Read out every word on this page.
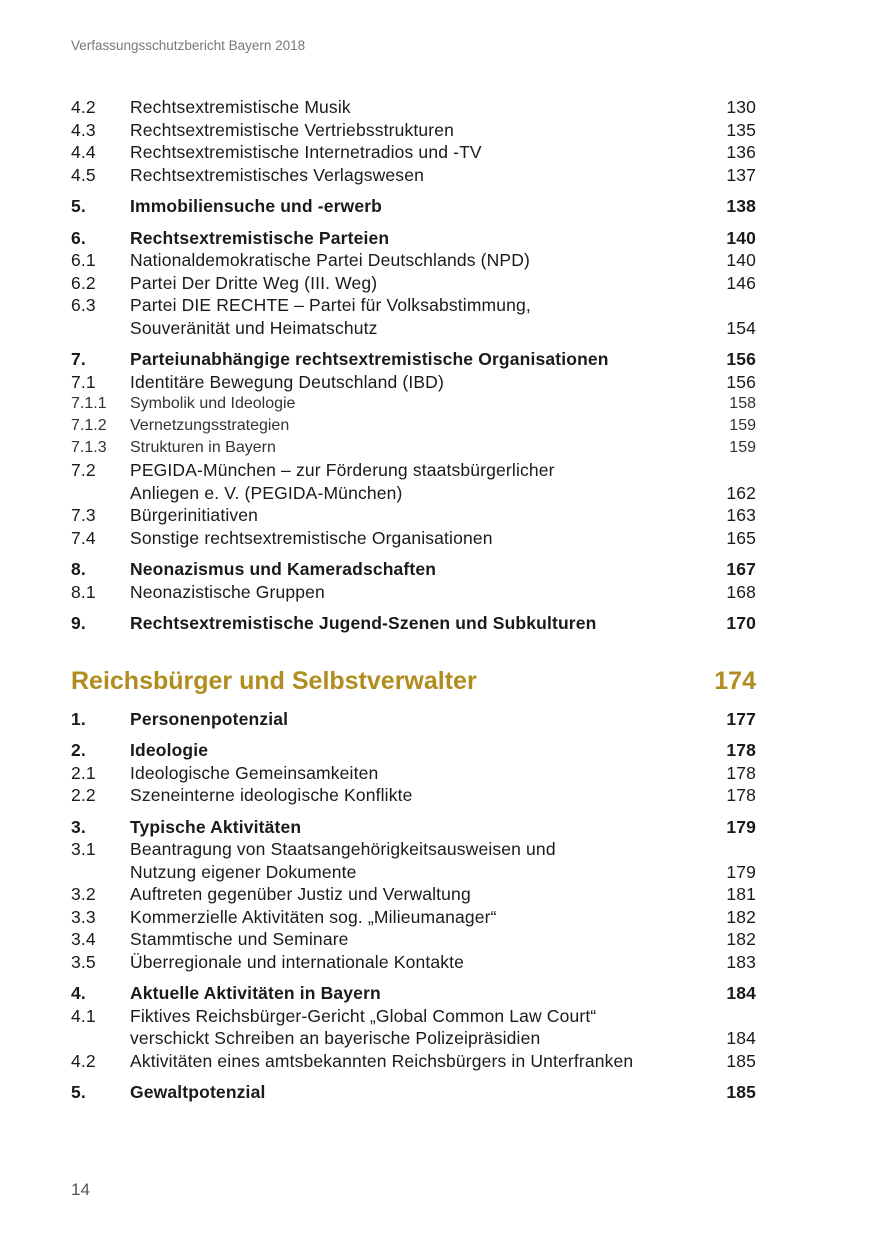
Verfassungsschutzbericht Bayern 2018
4.2	Rechtsextremistische Musik	130
4.3	Rechtsextremistische Vertriebsstrukturen	135
4.4	Rechtsextremistische Internetradios und -TV	136
4.5	Rechtsextremistisches Verlagswesen	137
5.	Immobiliensuche und -erwerb	138
6.	Rechtsextremistische Parteien	140
6.1	Nationaldemokratische Partei Deutschlands (NPD)	140
6.2	Partei Der Dritte Weg (III. Weg)	146
6.3	Partei DIE RECHTE – Partei für Volksabstimmung,
Souveränität und Heimatschutz	154
7.	Parteiunabhängige rechtsextremistische Organisationen	156
7.1	Identitäre Bewegung Deutschland (IBD)	156
7.1.1	Symbolik und Ideologie	158
7.1.2	Vernetzungsstrategien	159
7.1.3	Strukturen in Bayern	159
7.2	PEGIDA-München – zur Förderung staatsbürgerlicher
Anliegen e. V. (PEGIDA-München)	162
7.3	Bürgerinitiativen	163
7.4	Sonstige rechtsextremistische Organisationen	165
8.	Neonazismus und Kameradschaften	167
8.1	Neonazistische Gruppen	168
9.	Rechtsextremistische Jugend-Szenen und Subkulturen	170
Reichsbürger und Selbstverwalter	174
1.	Personenpotenzial	177
2.	Ideologie	178
2.1	Ideologische Gemeinsamkeiten	178
2.2	Szeneinterne ideologische Konflikte	178
3.	Typische Aktivitäten	179
3.1	Beantragung von Staatsangehörigkeitsausweisen und
Nutzung eigener Dokumente	179
3.2	Auftreten gegenüber Justiz und Verwaltung	181
3.3	Kommerzielle Aktivitäten sog. „Milieumanager“	182
3.4	Stammtische und Seminare	182
3.5	Überregionale und internationale Kontakte	183
4.	Aktuelle Aktivitäten in Bayern	184
4.1	Fiktives Reichsbürger-Gericht „Global Common Law Court“
verschickt Schreiben an bayerische Polizeipräsidien	184
4.2	Aktivitäten eines amtsbekannten Reichsbürgers in Unterfranken	185
5.	Gewaltpotenzial	185
14
